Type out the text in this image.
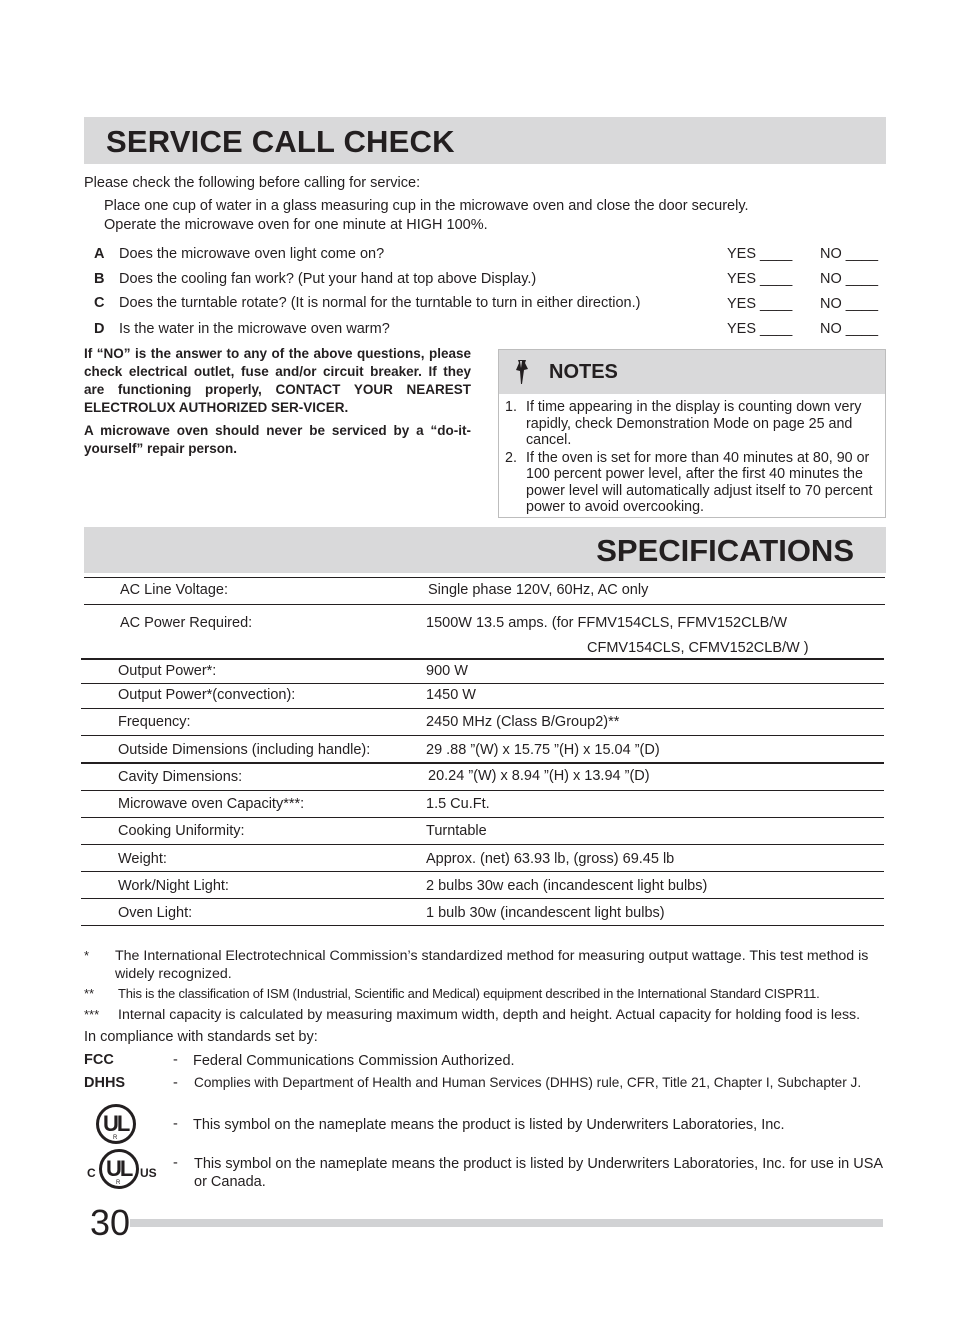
SERVICE CALL CHECK
Please check the following before calling for service:
Place one cup of water in a glass measuring cup in the microwave oven and close the door securely.
Operate the microwave oven for one minute at HIGH 100%.
A Does the microwave oven light come on?	YES ____ NO ____
B Does the cooling fan work? (Put your hand at top above Display.)	YES ____ NO ____
C Does the turntable rotate? (It is normal for the turntable to turn in either direction.)	YES ____ NO ____
D Is the water in the microwave oven warm?	YES ____ NO ____

If “NO” is the answer to any of the above questions, please check electrical outlet, fuse and/or circuit breaker. If they are functioning properly, CONTACT YOUR NEAREST ELECTROLUX AUTHORIZED SER-VICER.

A microwave oven should never be serviced by a “do-it-yourself” repair person.

NOTES

1. If time appearing in the display is counting down very rapidly, check Demonstration Mode on page 25 and cancel.

2. If the oven is set for more than 40 minutes at 80, 90 or 100 percent power level, after the first 40 minutes the power level will automatically adjust itself to 70 percent power to avoid overcooking.

SPECIFICATIONS
AC Line Voltage:	Single phase 120V, 60Hz, AC only
AC Power Required:	1500W 13.5 amps. (for FFMV154CLS, FFMV152CLB/W
CFMV154CLS, CFMV152CLB/W )
Output Power*:	900 W
Output Power*(convection):	1450 W
Frequency:	2450 MHz (Class B/Group2)**
Outside Dimensions (including handle):	29 .88 ”(W) x 15.75 ”(H) x 15.04 ”(D)
Cavity Dimensions:	20.24 ”(W) x 8.94 ”(H) x 13.94 ”(D)
Microwave oven Capacity***:	1.5 Cu.Ft.
Cooking Uniformity:	Turntable
Weight:	Approx. (net) 63.93 lb, (gross) 69.45 lb
Work/Night Light:	2 bulbs 30w each (incandescent light bulbs)
Oven Light:	1 bulb 30w (incandescent light bulbs)
* The International Electrotechnical Commission’s standardized method for measuring output wattage. This test method is widely recognized.
** This is the classification of ISM (Industrial, Scientific and Medical) equipment described in the International Standard CISPR11.
*** Internal capacity is calculated by measuring maximum width, depth and height. Actual capacity for holding food is less.
In compliance with standards set by:
FCC	- Federal Communications Commission Authorized.
DHHS	- Complies with Department of Health and Human Services (DHHS) rule, CFR, Title 21, Chapter I, Subchapter J.
UL
R
- This symbol on the nameplate means the product is listed by Underwriters Laboratories, Inc.
C UL
R
US
- This symbol on the nameplate means the product is listed by Underwriters Laboratories, Inc. for use in USA or Canada.
30
